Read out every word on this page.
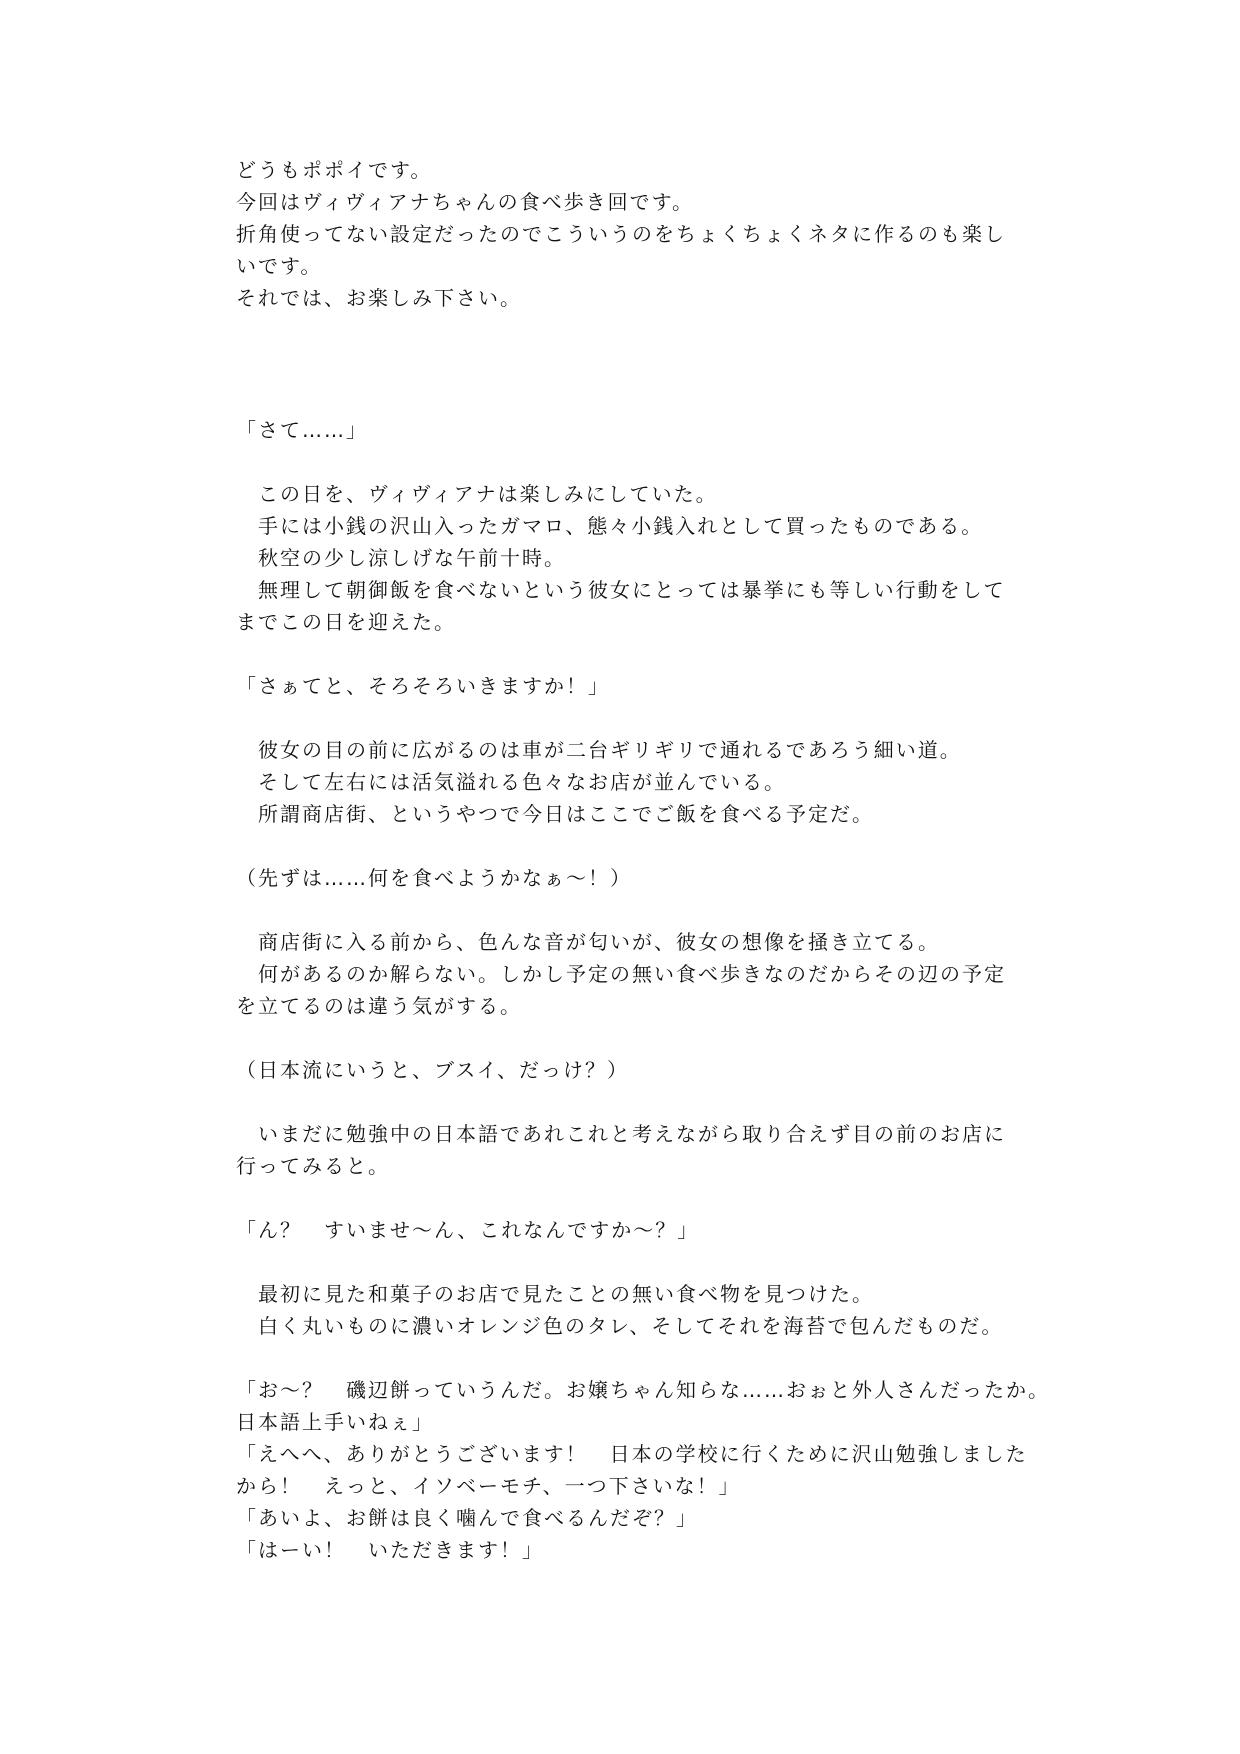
どうもポポイです。
今回はヴィヴィアナちゃんの食べ歩き回です。
折角使ってない設定だったのでこういうのをちょくちょくネタに作るのも楽し
いです。
それでは、お楽しみ下さい。
「さて……」
　この日を、ヴィヴィアナは楽しみにしていた。
　手には小銭の沢山入ったガマロ、態々小銭入れとして買ったものである。
　秋空の少し涼しげな午前十時。
　無理して朝御飯を食べないという彼女にとっては暴挙にも等しい行動をして
までこの日を迎えた。
「さぁてと、そろそろいきますか！」
　彼女の目の前に広がるのは車が二台ギリギリで通れるであろう細い道。
　そして左右には活気溢れる色々なお店が並んでいる。
　所謂商店街、というやつで今日はここでご飯を食べる予定だ。
（先ずは……何を食べようかなぁ〜！）
　商店街に入る前から、色んな音が匂いが、彼女の想像を掻き立てる。
　何があるのか解らない。しかし予定の無い食べ歩きなのだからその辺の予定
を立てるのは違う気がする。
（日本流にいうと、ブスイ、だっけ？）
　いまだに勉強中の日本語であれこれと考えながら取り合えず目の前のお店に
行ってみると。
「ん？　すいませ〜ん、これなんですか〜？」
　最初に見た和菓子のお店で見たことの無い食べ物を見つけた。
　白く丸いものに濃いオレンジ色のタレ、そしてそれを海苔で包んだものだ。
「お〜？　磯辺餅っていうんだ。お嬢ちゃん知らな……おぉと外人さんだったか。
日本語上手いねぇ」
「えへへ、ありがとうございます！　日本の学校に行くために沢山勉強しました
から！　えっと、イソベーモチ、一つ下さいな！」
「あいよ、お餅は良く噛んで食べるんだぞ？」
「はーい！　いただきます！」
